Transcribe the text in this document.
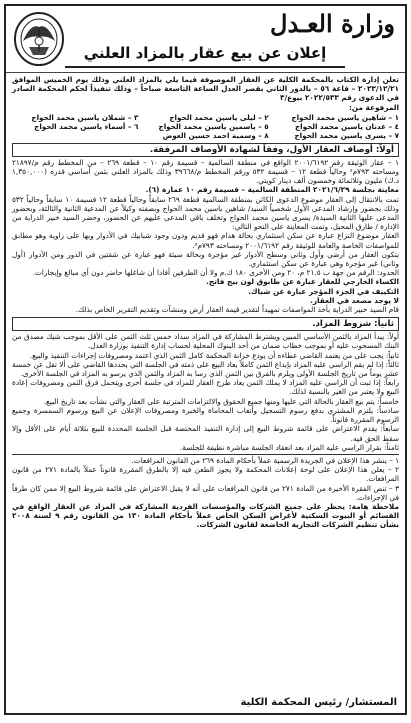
وزارة العـدل
إعلان عن بيع عقار بالمزاد العلني

تعلن إدارة الكتاب بالمحكمة الكلية عن العقار الموصوفة فيما يلي بالمزاد العلني وذلك يوم الخميس الموافق ٢٠٢٣/١٢/٢١ – قاعة ٥٦ – بالدور الثاني بقصر العدل الساعة التاسعة صباحاً – وذلك تنفيذاً لحكم المحكمة الصادر في الدعوى رقم ٢٠٢٢/٥٣٣ بيوع/٣

المرفوعة من:

١ – شاهين ياسين محمد الحواج
٢ – ليلى ياسين محمد الحواج
٣ – شملان ياسين محمد الحواج
٤ – عدنان ياسين محمد الحواج
٥ – ياسمين ياسين محمد الحواج
٦ – أسماء ياسين محمد الحواج
٧ – يسرى ياسين محمد الحواج
٨ – وسمية احمد حسين العوض
أولاً: أوصاف العقار الأول، وفقاً لشهادة الأوصاف المرفقة.

١ – عقار الوثيقة رقم ٢٠٠١/٦١٩٢ الواقع في منطقة السالمية – قسيمة رقم ١٠ – قطعة ٢٦٩ – من المخطط رقم م/٢١٨٩٧ ومساحته ٧٩٣م² وحالياً قطعة ١٢ – قسيمة ٥٣٢ ورقم المخطط م/٣٩٦٦٨ وذلك بالمزاد العلني بثمن أساسي قدره (١,٣٥٠,٠٠٠ د.ك) مليون وثلاثمائة وخمسون ألف دينار كويتي.

معاينة بجلسة ٢٠٢١/٦/٢٩ المنطقة السالمية – قسيمة رقم ١٠ عمارة (٦).

تمت بالانتقال إلى العقار موضوع الدعوى الكائن بمنطقة السالمية قطعة ٢٦٩ سابقاً وحالياً قطعة ١٢ قسيمة ١٠ سابقاً وحالياً ٥٣٢ وذلك بحضور وإرشاد المدعى الأول شخصياً السيد/ شاهين ياسين محمد الحواج وبصفته وكيلاً عن المدعية الثانية والثالثة، وبحضور المدعى عليها الثانية السيدة/ يسرى ياسين محمد الحواج وتخلف باقي المدعى عليهم عن الحضور، وحضر السيد خبير الدراية من الإدارة / طارق المحيل، وتمت المعاينة على النحو التالي:

العقار موضوع النزاع عبارة عن سكن استثماري بحالة هدام فهو قديم ودون وجود شبابيك في الأدوار وبها على زاوية وهو مطابق للمواصفات الخاصة والعامة للوثيقة رقم ٢٠٠١/٦١٩٢ ومساحته ٧٩٣م².

يتكون العقار من أرضي وأول وثاني وسطح الأدوار غير مؤجرة وبحالة سيئة فهو عبارة عن شقتين في الدور ومن الأدوار (أول وثاني) غير مؤجرة وهي عبارة عن سكن استثماري.

الحدود: الرقم من جهة ب ٢١.٥ م، ٢٠ ومن الأخرى ١٨٠ ك.م ولا أن الطرفين أفادا أن شاغلها حاضر دون أي مبالغ وإيجارات.

الكساء الخارجي للعقار عبارة عن طابوق لون بيج فاتح.

التكييف في الجزء المؤجر عبارة عن شباك.

لا يوجد مصعد في العقار.

قام السيد خبير الدراية بأخذ المواصفات تمهيداً لتقدير قيمة العقار أرض ومنشآت وتقديم التقرير الخاص بذلك.

ثانياً: شروط المزاد.

أولاً: يبدأ المزاد بالثمن الأساسي المبين ويشترط المشاركة في المزاد سداد خمس ثلث الثمن على الأقل بموجب شيك مصدق من البنك المسحوب عليه أو بموجب خطاب ضمان من أحد البنوك المحلية لحساب إدارة التنفيذ بوزارة العدل.

ثانياً: يجب على من يعتمد القاضي عطاءه أن يودع خزانة المحكمة كامل الثمن الذي اعتمد ومصروفات إجراءات التنفيذ والبيع.

ثالثاً: إذا لم يقم الراسي عليه المزاد بإيداع الثمن كاملاً يعاد البيع على ذمته في الجلسة التي يحددها القاضي على ألا تقل عن خمسة عشر يوماً من تاريخ الجلسة الأولى ويلزم بالفرق بين الثمن الذي رسا به المزاد والثمن الذي يرسو به المزاد في الجلسة الأخرى.

رابعاً: إذا ثبت أن الراسي عليه المزاد لا يملك الثمن يعاد طرح العقار للمزاد في جلسة أخرى ويتحمل فرق الثمن ومصروفات إعادة البيع ولا يعتبر من الغير بالنسبة لذلك.

خامساً: يتم بيع العقار بالحالة التي عليها ومنها جميع الحقوق والالتزامات المترتبة على العقار والتي نشأت بعد تاريخ البيع.

سادساً: يلتزم المشتري بدفع رسوم التسجيل وأتعاب المحاماة والخبرة ومصروفات الإعلان عن البيع ورسوم السمسرة وجميع الرسوم المقررة قانوناً.

سابعاً: يقدم الاعتراض على قائمة شروط البيع إلى إدارة التنفيذ المختصة قبل الجلسة المحددة للبيع بثلاثة أيام على الأقل وإلا سقط الحق فيه.

ثامناً: بقرار الراسي عليه المزاد بعد انعقاد الجلسة مباشرة نظيفة للجلسة.

١ – ينشر هذا الإعلان في الجريدة الرسمية عملاً بأحكام المادة ٢٦٩ من القانون المرافعات.

٢ – يعلن هذا الإعلان على لوحة إعلانات المحكمة ولا يجوز الطعن فيه إلا بالطرق المقررة قانوناً عملاً بالمادة ٢٧١ من قانون المرافعات.

٣ – تنص الفقرة الأخيرة من المادة ٢٧١ من قانون المرافعات على أنه لا يقبل الاعتراض على قائمة شروط البيع إلا ممن كان طرفاً في الإجراءات.

ملاحظة هامة: يحظر على جميع الشركات والمؤسسات الفردية المشاركة في المزاد عن العقار الواقع في القسائم أو البيوت السكنية لأغراض السكن الخاص عملاً بأحكام المادة ١٣٠ من القانون رقم ٩ لسنة ٢٠٠٨ بشأن تنظيم الشركات التجارية الخاضعة لقانون الشركات.

المستشار/ رئيس المحكمة الكلية
